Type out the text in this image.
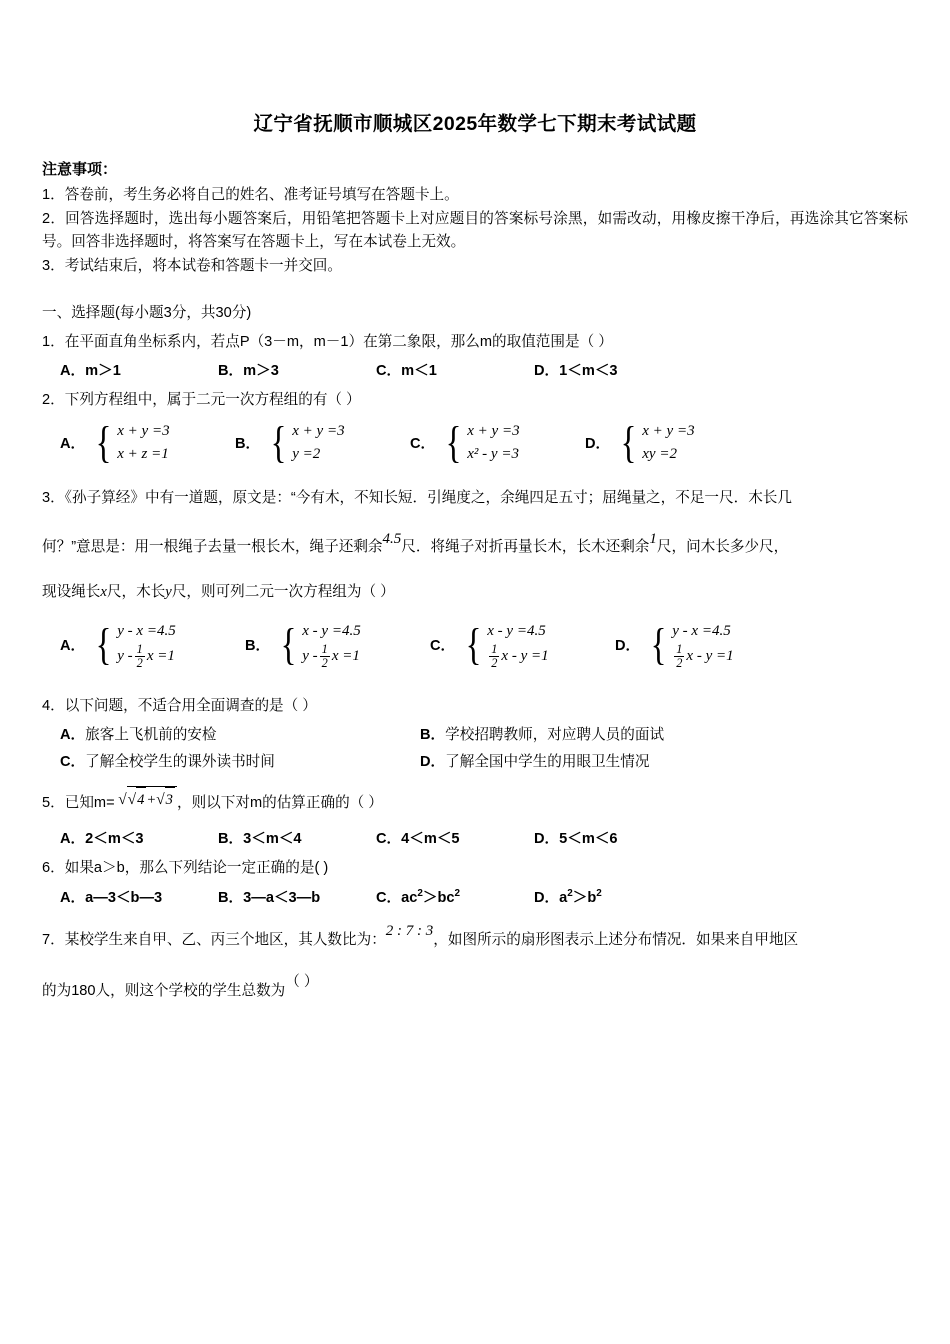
辽宁省抚顺市顺城区2025年数学七下期末考试试题
注意事项：

1．答卷前，考生务必将自己的姓名、准考证号填写在答题卡上。

2．回答选择题时，选出每小题答案后，用铅笔把答题卡上对应题目的答案标号涂黑，如需改动，用橡皮擦干净后，再选涂其它答案标号。回答非选择题时，将答案写在答题卡上，写在本试卷上无效。

3．考试结束后，将本试卷和答题卡一并交回。

一、选择题(每小题3分，共30分)

1．在平面直角坐标系内，若点P（3－m，m－1）在第二象限，那么m的取值范围是（ ）

A．m＞1	B．m＞3	C．m＜1	D．1＜m＜3

2．下列方程组中，属于二元一次方程组的有（ ）

A． { x + y =3
x + z =1
B． { x + y =3
y =2
C． { x + y =3
x² - y =3
D． { x + y =3
xy =2

3．《孙子算经》中有一道题，原文是：“今有木，不知长短．引绳度之，余绳四足五寸；屈绳量之，不足一尺．木长几

何？”意思是：用一根绳子去量一根长木，绳子还剩余4.5尺．将绳子对折再量长木，长木还剩余1尺，问木长多少尺，

现设绳长x尺，木长y尺，则可列二元一次方程组为（ ）

A． { y - x =4.5
y - $\frac{1}{2}$ x =1
B． { x - y =4.5
y - $\frac{1}{2}$ x =1
C． { x - y =4.5
$\frac{1}{2}$ x - y =1
D． { y - x =4.5
$\frac{1}{2}$ x - y =1

4．以下问题，不适合用全面调查的是（ ）

A．旅客上飞机前的安检	B．学校招聘教师，对应聘人员的面试
C．了解全校学生的课外读书时间	D．了解全国中学生的用眼卫生情况

5．已知m= √√4 +√3 ，则以下对m的估算正确的（ ）

A．2＜m＜3	B．3＜m＜4	C．4＜m＜5	D．5＜m＜6

6．如果a＞b，那么下列结论一定正确的是( )

A．a—3＜b—3	B．3—a＜3—b	C．$ac^2>bc^2$	D．$a^2>b^2$

7．某校学生来自甲、乙、丙三个地区，其人数比为：2 : 7 : 3，如图所示的扇形图表示上述分布情况．如果来自甲地区

的为180人，则这个学校的学生总数为（ ）
